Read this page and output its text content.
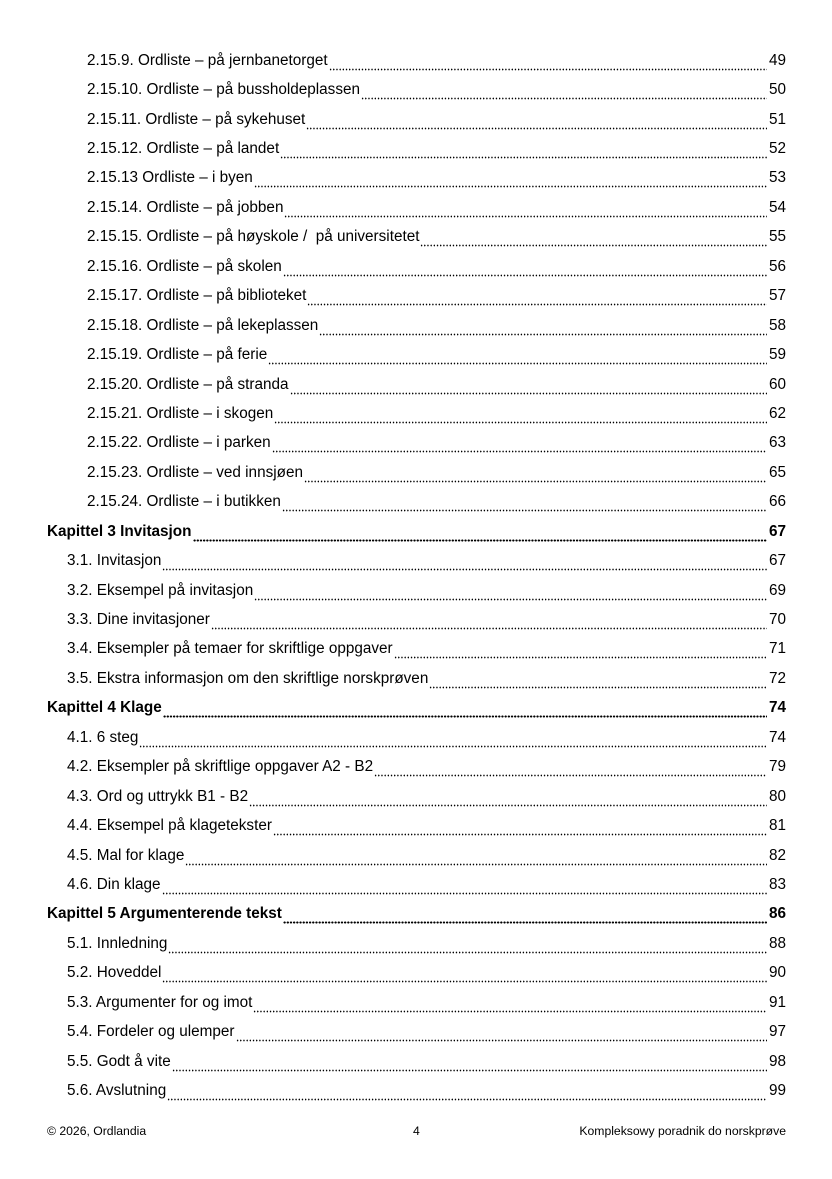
2.15.9. Ordliste – på jernbanetorget	49
2.15.10. Ordliste – på bussholdeplassen	50
2.15.11. Ordliste – på sykehuset	51
2.15.12. Ordliste – på landet	52
2.15.13 Ordliste – i byen	53
2.15.14. Ordliste – på jobben	54
2.15.15. Ordliste – på høyskole /  på universitetet	55
2.15.16. Ordliste – på skolen	56
2.15.17. Ordliste – på biblioteket	57
2.15.18. Ordliste – på lekeplassen	58
2.15.19. Ordliste – på ferie	59
2.15.20. Ordliste – på stranda	60
2.15.21. Ordliste – i skogen	62
2.15.22. Ordliste – i parken	63
2.15.23. Ordliste – ved innsjøen	65
2.15.24. Ordliste – i butikken	66
Kapittel 3 Invitasjon	67
3.1. Invitasjon	67
3.2. Eksempel på invitasjon	69
3.3. Dine invitasjoner	70
3.4. Eksempler på temaer for skriftlige oppgaver	71
3.5. Ekstra informasjon om den skriftlige norskprøven	72
Kapittel 4 Klage	74
4.1. 6 steg	74
4.2. Eksempler på skriftlige oppgaver A2 - B2	79
4.3. Ord og uttrykk B1 - B2	80
4.4. Eksempel på klagetekster	81
4.5. Mal for klage	82
4.6. Din klage	83
Kapittel 5 Argumenterende tekst	86
5.1. Innledning	88
5.2. Hoveddel	90
5.3. Argumenter for og imot	91
5.4. Fordeler og ulemper	97
5.5. Godt å vite	98
5.6. Avslutning	99
© 2026, Ordlandia	4	Kompleksowy poradnik do norskprøve
